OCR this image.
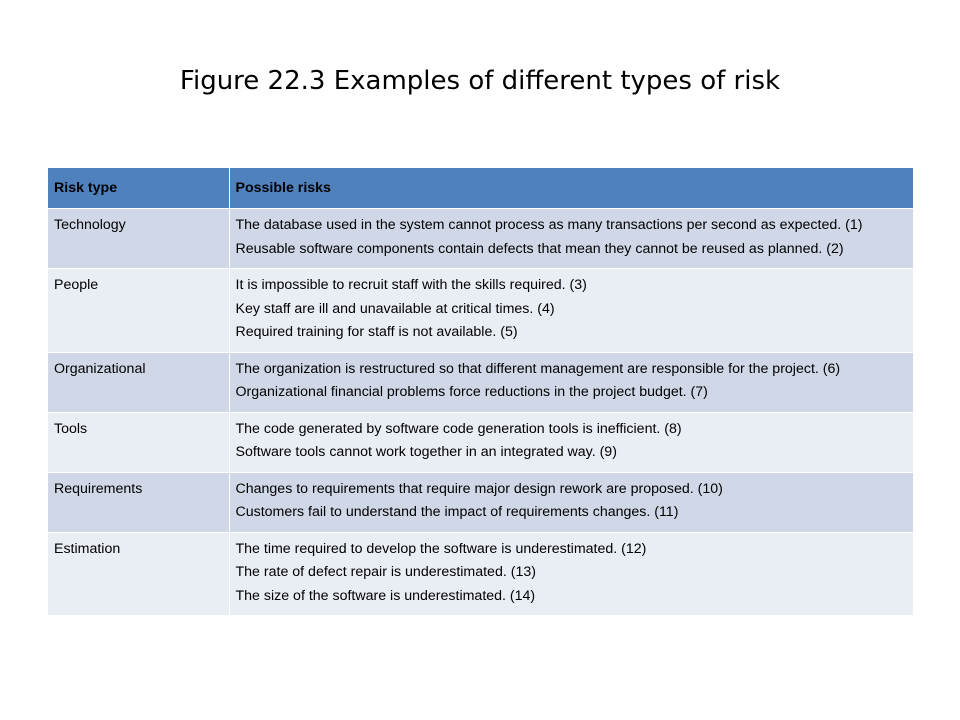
Figure 22.3 Examples of different types of risk
Risk type	Possible risks
Technology	The database used in the system cannot process as many transactions per second as expected. (1)
Reusable software components contain defects that mean they cannot be reused as planned. (2)

People	It is impossible to recruit staff with the skills required. (3)
Key staff are ill and unavailable at critical times. (4)
Required training for staff is not available. (5)

Organizational	The organization is restructured so that different management are responsible for the project. (6)
Organizational financial problems force reductions in the project budget. (7)

Tools	The code generated by software code generation tools is inefficient. (8)
Software tools cannot work together in an integrated way. (9)

Requirements	Changes to requirements that require major design rework are proposed. (10)
Customers fail to understand the impact of requirements changes. (11)

Estimation	The time required to develop the software is underestimated. (12)
The rate of defect repair is underestimated. (13)
The size of the software is underestimated. (14)
